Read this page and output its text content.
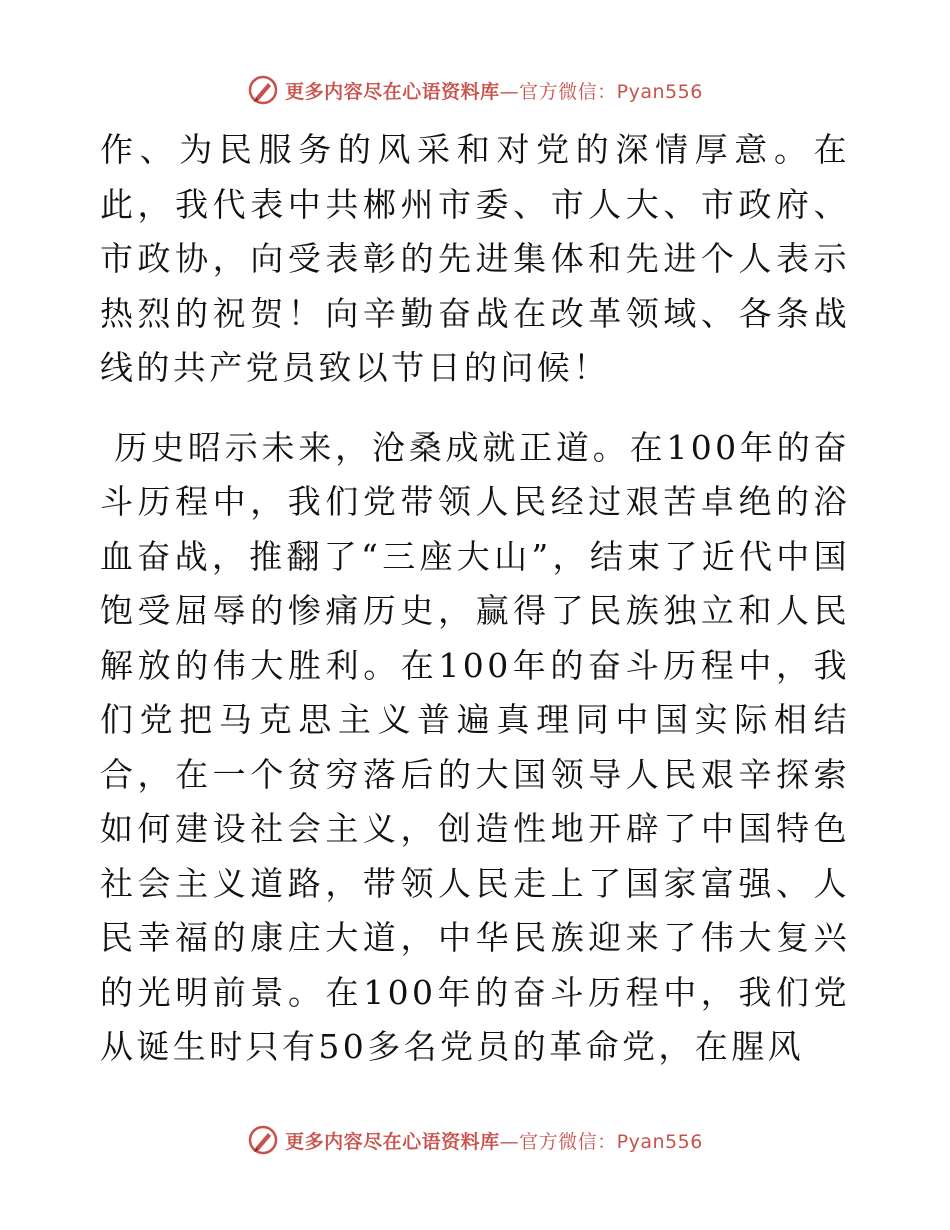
更多内容尽在心语资料库—官方微信：Pyan556

作、为民服务的风采和对党的深情厚意。在此，我代表中共郴州市委、市人大、市政府、市政协，向受表彰的先进集体和先进个人表示热烈的祝贺！向辛勤奋战在改革领域、各条战线的共产党员致以节日的问候！

历史昭示未来，沧桑成就正道。在100年的奋斗历程中，我们党带领人民经过艰苦卓绝的浴血奋战，推翻了“三座大山”，结束了近代中国饱受屈辱的惨痛历史，赢得了民族独立和人民解放的伟大胜利。在100年的奋斗历程中，我们党把马克思主义普遍真理同中国实际相结合，在一个贫穷落后的大国领导人民艰辛探索如何建设社会主义，创造性地开辟了中国特色社会主义道路，带领人民走上了国家富强、人民幸福的康庄大道，中华民族迎来了伟大复兴的光明前景。在100年的奋斗历程中，我们党从诞生时只有50多名党员的革命党，在腥风

更多内容尽在心语资料库—官方微信：Pyan556
